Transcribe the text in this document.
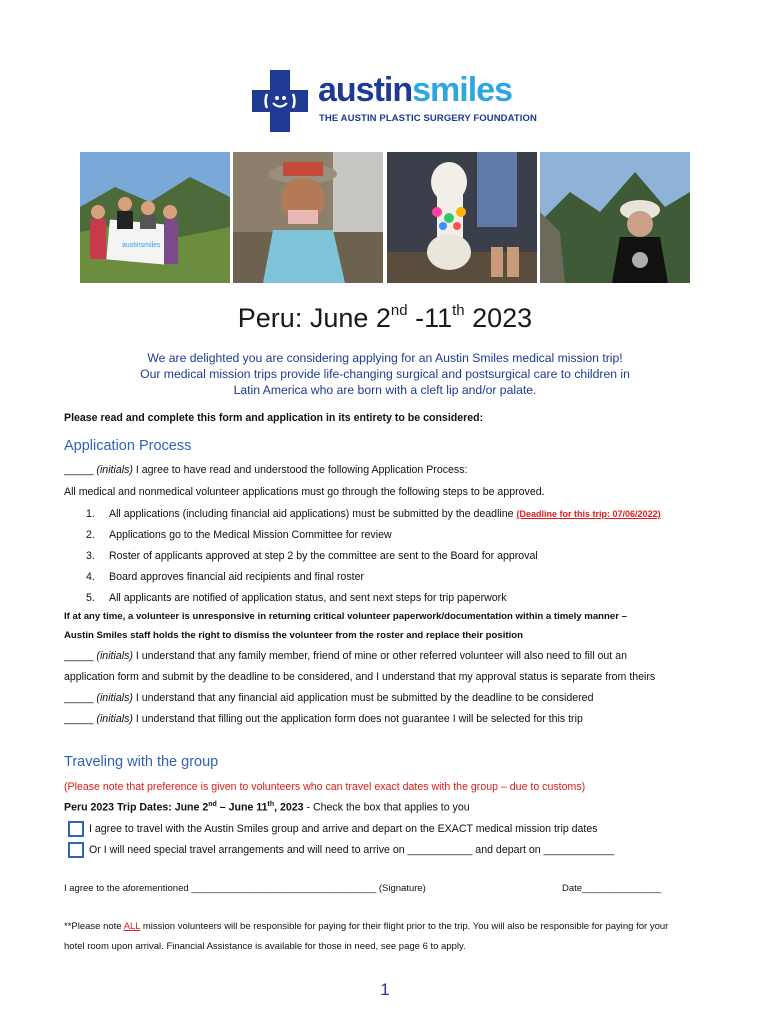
austinsmiles
THE AUSTIN PLASTIC SURGERY FOUNDATION
austinsmiles
Peru: June 2nd -11th 2023
We are delighted you are considering applying for an Austin Smiles medical mission trip!
Our medical mission trips provide life-changing surgical and postsurgical care to children in
Latin America who are born with a cleft lip and/or palate.
Please read and complete this form and application in its entirety to be considered:
Application Process
_____ (initials) I agree to have read and understood the following Application Process:
All medical and nonmedical volunteer applications must go through the following steps to be approved.
1. All applications (including financial aid applications) must be submitted by the deadline (Deadline for this trip: 07/06/2022)
2. Applications go to the Medical Mission Committee for review
3. Roster of applicants approved at step 2 by the committee are sent to the Board for approval
4. Board approves financial aid recipients and final roster
5. All applicants are notified of application status, and sent next steps for trip paperwork
If at any time, a volunteer is unresponsive in returning critical volunteer paperwork/documentation within a timely manner –
Austin Smiles staff holds the right to dismiss the volunteer from the roster and replace their position
_____ (initials) I understand that any family member, friend of mine or other referred volunteer will also need to fill out an
application form and submit by the deadline to be considered, and I understand that my approval status is separate from theirs
_____ (initials) I understand that any financial aid application must be submitted by the deadline to be considered
_____ (initials) I understand that filling out the application form does not guarantee I will be selected for this trip
Traveling with the group
(Please note that preference is given to volunteers who can travel exact dates with the group – due to customs)
Peru 2023 Trip Dates: June 2nd – June 11th, 2023 - Check the box that applies to you
I agree to travel with the Austin Smiles group and arrive and depart on the EXACT medical mission trip dates
Or I will need special travel arrangements and will need to arrive on ___________ and depart on ____________
I agree to the aforementioned ___________________________________ (Signature)	Date_______________
**Please note ALL mission volunteers will be responsible for paying for their flight prior to the trip. You will also be responsible for paying for your
hotel room upon arrival. Financial Assistance is available for those in need, see page 6 to apply.
1
